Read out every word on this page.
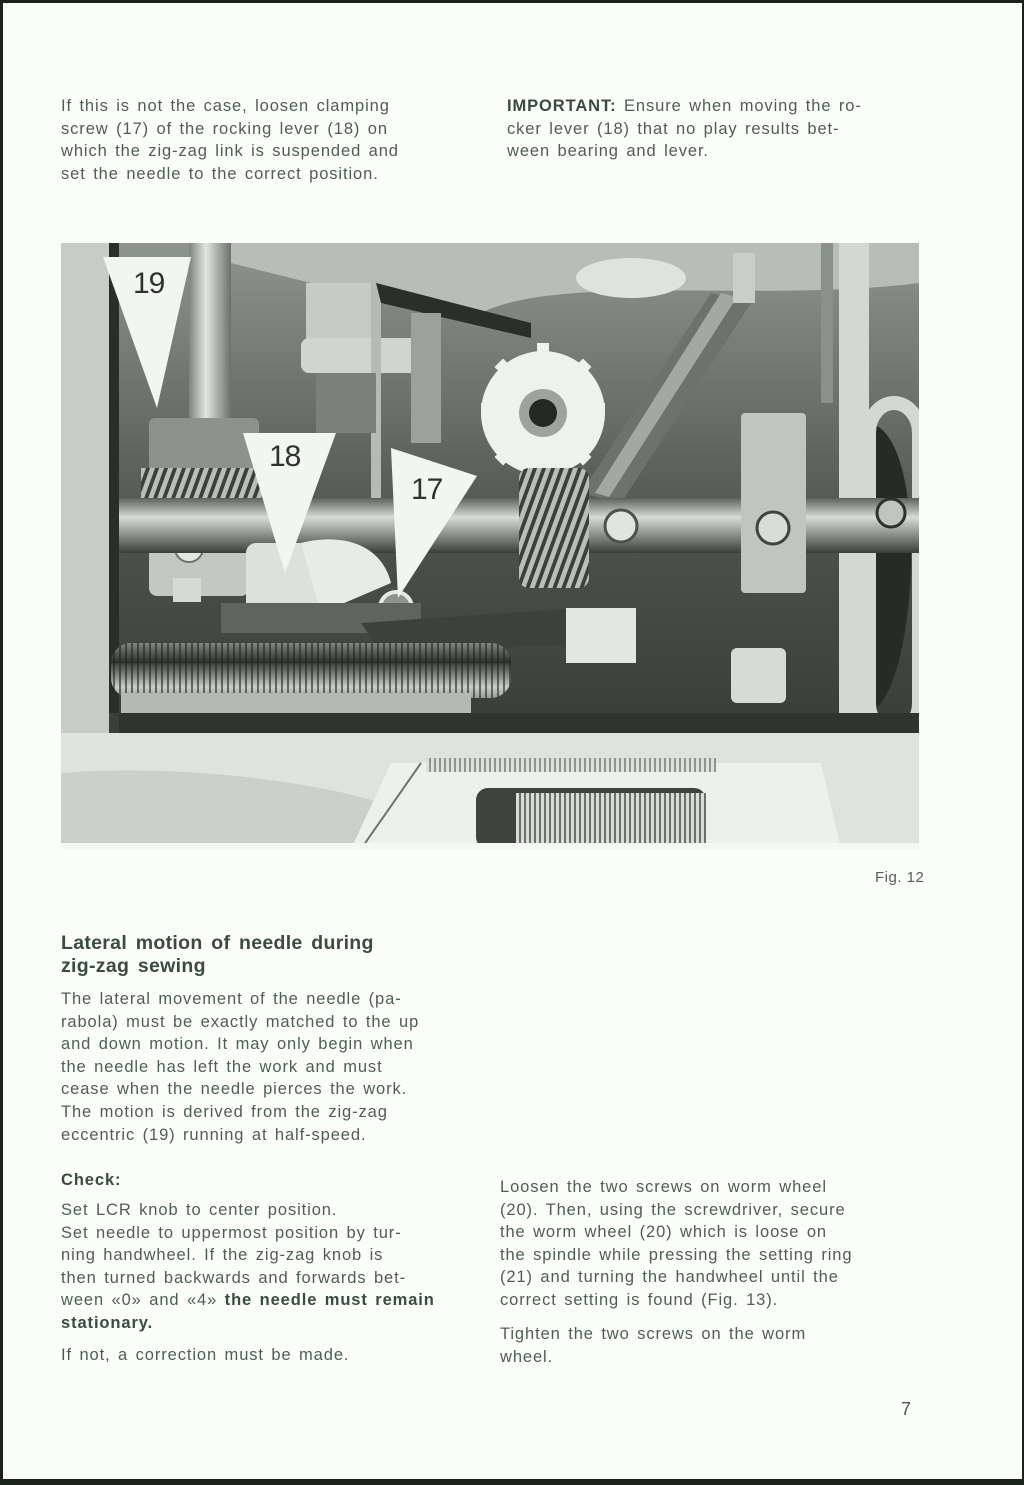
If this is not the case, loosen clamping
screw (17) of the rocking lever (18) on
which the zig-zag link is suspended and
set the needle to the correct position.
IMPORTANT: Ensure when moving the ro-
cker lever (18) that no play results bet-
ween bearing and lever.
19
18
17
Fig. 12
Lateral motion of needle during
zig-zag sewing
The lateral movement of the needle (pa-
rabola) must be exactly matched to the up
and down motion. It may only begin when
the needle has left the work and must
cease when the needle pierces the work.
The motion is derived from the zig-zag
eccentric (19) running at half-speed.
Check:
Set LCR knob to center position.
Set needle to uppermost position by tur-
ning handwheel. If the zig-zag knob is
then turned backwards and forwards bet-
ween «0» and «4» the needle must remain
stationary.
If not, a correction must be made.
Loosen the two screws on worm wheel
(20). Then, using the screwdriver, secure
the worm wheel (20) which is loose on
the spindle while pressing the setting ring
(21) and turning the handwheel until the
correct setting is found (Fig. 13).
Tighten the two screws on the worm
wheel.
7
